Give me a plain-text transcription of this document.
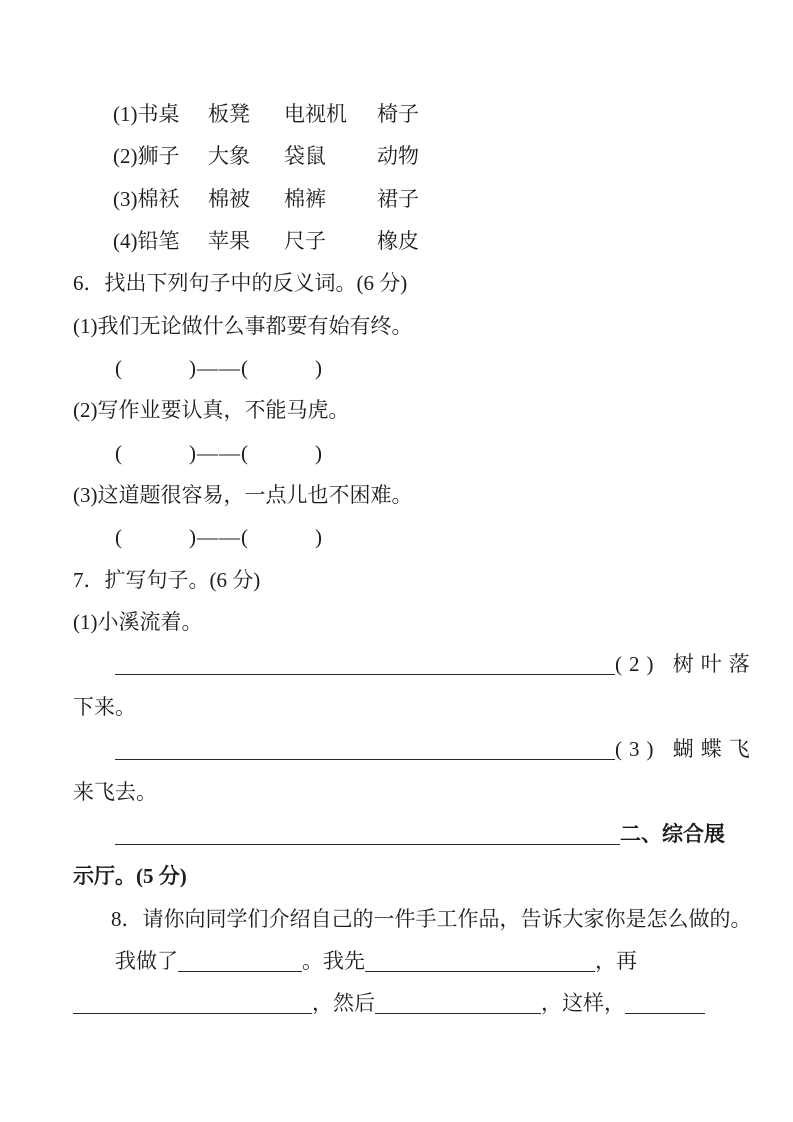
(1)书桌	板凳	电视机	椅子
(2)狮子	大象	袋鼠	动物
(3)棉袄	棉被	棉裤	裙子
(4)铅笔	苹果	尺子	橡皮
6．找出下列句子中的反义词。(6 分)
(1)我们无论做什么事都要有始有终。
(　　　)——(　　　)
(2)写作业要认真，不能马虎。
(　　　)——(　　　)
(3)这道题很容易，一点儿也不困难。
(　　　)——(　　　)
7．扩写句子。(6 分)
(1)小溪流着。
(2) 树叶落
下来。
(3) 蝴蝶飞
来飞去。
二、综合展
示厅。(5 分)
8．请你向同学们介绍自己的一件手工作品，告诉大家你是怎么做的。
我做了	。我先	，再
，然后	，这样，
